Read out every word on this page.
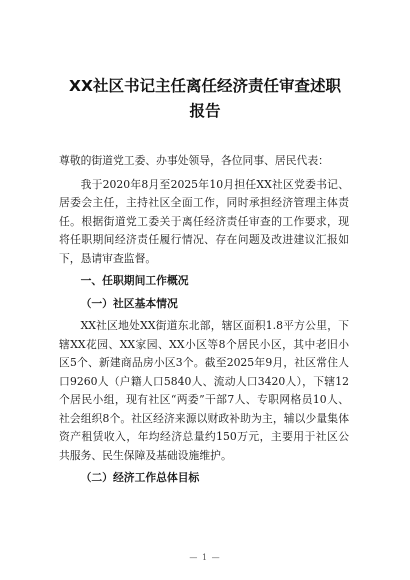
XX社区书记主任离任经济责任审查述职
报告

尊敬的街道党工委、办事处领导，各位同事、居民代表：

我于2020年8月至2025年10月担任XX社区党委书记、居委会主任，主持社区全面工作，同时承担经济管理主体责任。根据街道党工委关于离任经济责任审查的工作要求，现将任职期间经济责任履行情况、存在问题及改进建议汇报如下，恳请审查监督。

一、任职期间工作概况
（一）社区基本情况

XX社区地处XX街道东北部，辖区面积1.8平方公里，下辖XX花园、XX家园、XX小区等8个居民小区，其中老旧小区5个、新建商品房小区3个。截至2025年9月，社区常住人口9260人（户籍人口5840人、流动人口3420人），下辖12个居民小组，现有社区“两委”干部7人、专职网格员10人、社会组织8个。社区经济来源以财政补助为主，辅以少量集体资产租赁收入，年均经济总量约150万元，主要用于社区公共服务、民生保障及基础设施维护。

（二）经济工作总体目标
— 1 —
